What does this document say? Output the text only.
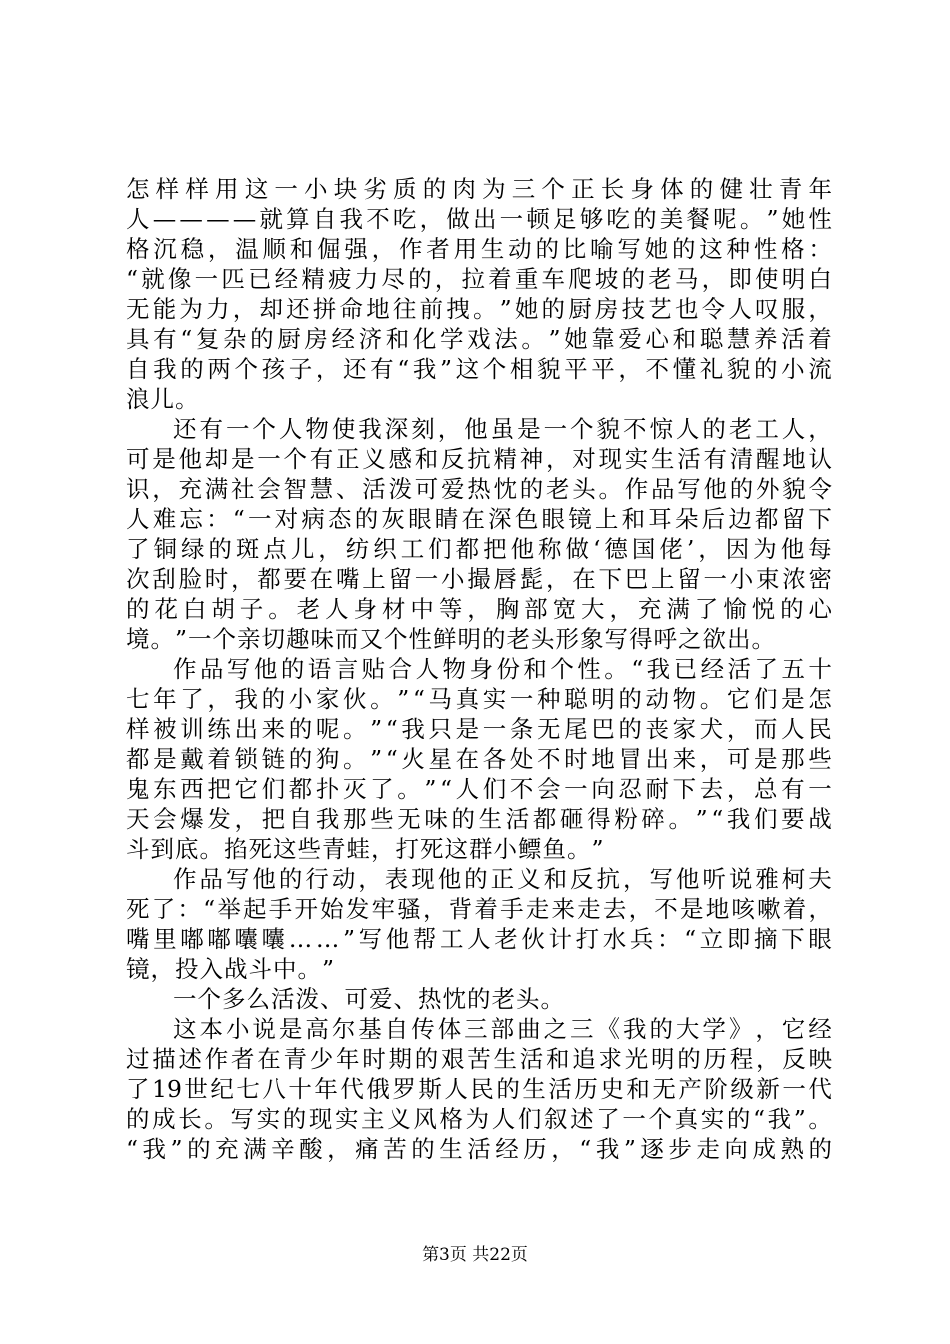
怎 样 样 用 这 一 小 块 劣 质 的 肉 为 三 个 正 长 身 体 的 健 壮 青 年
人 — — — — 就 算 自 我 不 吃 ， 做 出 一 顿 足 够 吃 的 美 餐 呢 。 ” 她 性
格 沉 稳 ， 温 顺 和 倔 强 ， 作 者 用 生 动 的 比 喻 写 她 的 这 种 性 格 ：
“ 就 像 一 匹 已 经 精 疲 力 尽 的 ， 拉 着 重 车 爬 坡 的 老 马 ， 即 使 明 白
无 能 为 力 ， 却 还 拼 命 地 往 前 拽 。 ” 她 的 厨 房 技 艺 也 令 人 叹 服 ，
具 有 “ 复 杂 的 厨 房 经 济 和 化 学 戏 法 。 ” 她 靠 爱 心 和 聪 慧 养 活 着
自 我 的 两 个 孩 子 ， 还 有 “ 我 ” 这 个 相 貌 平 平 ， 不 懂 礼 貌 的 小 流
浪 儿 。
还 有 一 个 人 物 使 我 深 刻 ， 他 虽 是 一 个 貌 不 惊 人 的 老 工 人 ，
可 是 他 却 是 一 个 有 正 义 感 和 反 抗 精 神 ， 对 现 实 生 活 有 清 醒 地 认
识 ， 充 满 社 会 智 慧 、 活 泼 可 爱 热 忱 的 老 头 。 作 品 写 他 的 外 貌 令
人 难 忘 ： “ 一 对 病 态 的 灰 眼 睛 在 深 色 眼 镜 上 和 耳 朵 后 边 都 留 下
了 铜 绿 的 斑 点 儿 ， 纺 织 工 们 都 把 他 称 做 ‘ 德 国 佬 ’ ， 因 为 他 每
次 刮 脸 时 ， 都 要 在 嘴 上 留 一 小 撮 唇 髭 ， 在 下 巴 上 留 一 小 束 浓 密
的 花 白 胡 子 。 老 人 身 材 中 等 ， 胸 部 宽 大 ， 充 满 了 愉 悦 的 心
境 。 ” 一 个 亲 切 趣 味 而 又 个 性 鲜 明 的 老 头 形 象 写 得 呼 之 欲 出 。
作 品 写 他 的 语 言 贴 合 人 物 身 份 和 个 性 。 “ 我 已 经 活 了 五 十
七 年 了 ， 我 的 小 家 伙 。 ” “ 马 真 实 一 种 聪 明 的 动 物 。 它 们 是 怎
样 被 训 练 出 来 的 呢 。 ” “ 我 只 是 一 条 无 尾 巴 的 丧 家 犬 ， 而 人 民
都 是 戴 着 锁 链 的 狗 。 ” “ 火 星 在 各 处 不 时 地 冒 出 来 ， 可 是 那 些
鬼 东 西 把 它 们 都 扑 灭 了 。 ” “ 人 们 不 会 一 向 忍 耐 下 去 ， 总 有 一
天 会 爆 发 ， 把 自 我 那 些 无 味 的 生 活 都 砸 得 粉 碎 。 ” “ 我 们 要 战
斗 到 底 。 掐 死 这 些 青 蛙 ， 打 死 这 群 小 鳔 鱼 。 ”
作 品 写 他 的 行 动 ， 表 现 他 的 正 义 和 反 抗 ， 写 他 听 说 雅 柯 夫
死 了 ： “ 举 起 手 开 始 发 牢 骚 ， 背 着 手 走 来 走 去 ， 不 是 地 咳 嗽 着 ，
嘴 里 嘟 嘟 囔 囔 … … ” 写 他 帮 工 人 老 伙 计 打 水 兵 ： “ 立 即 摘 下 眼
镜 ， 投 入 战 斗 中 。 ”
一 个 多 么 活 泼 、 可 爱 、 热 忱 的 老 头 。
这 本 小 说 是 高 尔 基 自 传 体 三 部 曲 之 三 《 我 的 大 学 》 ， 它 经
过 描 述 作 者 在 青 少 年 时 期 的 艰 苦 生 活 和 追 求 光 明 的 历 程 ， 反 映
了 19 世 纪 七 八 十 年 代 俄 罗 斯 人 民 的 生 活 历 史 和 无 产 阶 级 新 一 代
的 成 长 。 写 实 的 现 实 主 义 风 格 为 人 们 叙 述 了 一 个 真 实 的 “ 我 ” 。
“ 我 ” 的 充 满 辛 酸 ， 痛 苦 的 生 活 经 历 ， “ 我 ” 逐 步 走 向 成 熟 的
第3页 共22页
